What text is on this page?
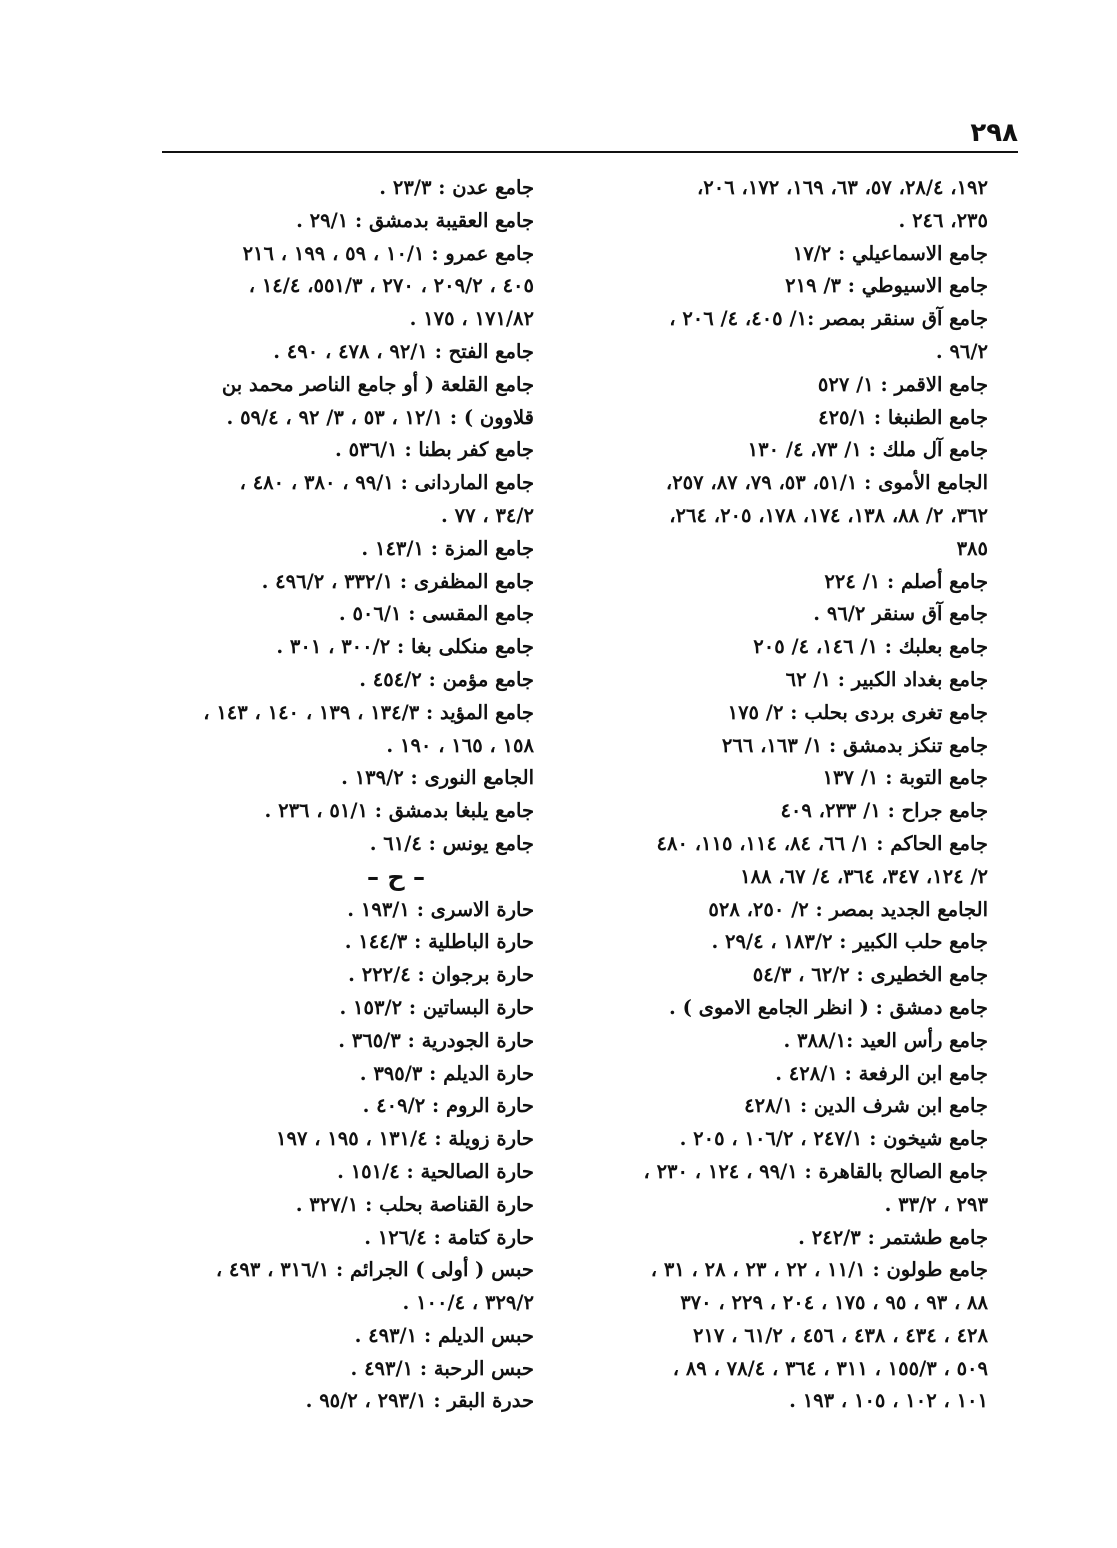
٢٩٨
١٩٢، ٢٨/٤، ٥٧، ٦٣، ١٦٩، ١٧٢، ٢٠٦،
٢٣٥، ٢٤٦ .
جامع الاسماعيلي : ١٧/٢
جامع الاسيوطي : ٣/ ٢١٩
جامع آق سنقر بمصر :١/ ٤٠٥، ٤/ ٢٠٦ ،
٩٦/٢ .
جامع الاقمر : ١/ ٥٢٧
جامع الطنبغا : ٤٢٥/١
جامع آل ملك : ١/ ٧٣، ٤/ ١٣٠
الجامع الأموى : ٥١/١، ٥٣، ٧٩، ٨٧، ٢٥٧،
٣٦٢، ٢/ ٨٨، ١٣٨، ١٧٤، ١٧٨، ٢٠٥، ٢٦٤،
٣٨٥
جامع أصلم : ١/ ٢٢٤
جامع آق سنقر ٩٦/٢ .
جامع بعلبك : ١/ ١٤٦، ٤/ ٢٠٥
جامع بغداد الكبير : ١/ ٦٢
جامع تغرى بردى بحلب : ٢/ ١٧٥
جامع تنكز بدمشق : ١/ ١٦٣، ٢٦٦
جامع التوبة : ١/ ١٣٧
جامع جراح : ١/ ٢٣٣، ٤٠٩
جامع الحاكم : ١/ ٦٦، ٨٤، ١١٤، ١١٥، ٤٨٠
٢/ ١٢٤، ٣٤٧، ٣٦٤، ٤/ ٦٧، ١٨٨
الجامع الجديد بمصر : ٢/ ٢٥٠، ٥٢٨
جامع حلب الكبير : ١٨٣/٢ ، ٢٩/٤ .
جامع الخطيرى : ٦٢/٢ ، ٥٤/٣
جامع دمشق : ( انظر الجامع الاموى ) .
جامع رأس العيد :٣٨٨/١ .
جامع ابن الرفعة : ٤٢٨/١ .
جامع ابن شرف الدين : ٤٢٨/١
جامع شيخون : ٢٤٧/١ ، ١٠٦/٢ ، ٢٠٥ .
جامع الصالح بالقاهرة : ٩٩/١ ، ١٢٤ ، ٢٣٠ ،
٢٩٣ ، ٣٣/٢ .
جامع طشتمر : ٢٤٢/٣ .
جامع طولون : ١١/١ ، ٢٢ ، ٢٣ ، ٢٨ ، ٣١ ،
٨٨ ، ٩٣ ، ٩٥ ، ١٧٥ ، ٢٠٤ ، ٢٢٩ ، ٣٧٠
٤٢٨ ، ٤٣٤ ، ٤٣٨ ، ٤٥٦ ، ٦١/٢ ، ٢١٧
٥٠٩ ، ١٥٥/٣ ، ٣١١ ، ٣٦٤ ، ٧٨/٤ ، ٨٩ ،
١٠١ ، ١٠٢ ، ١٠٥ ، ١٩٣ .
جامع عدن : ٢٣/٣ .
جامع العقيبة بدمشق : ٢٩/١ .
جامع عمرو : ١٠/١ ، ٥٩ ، ١٩٩ ، ٢١٦
٤٠٥ ، ٢٠٩/٢ ، ٢٧٠ ، ٥٥١/٣، ١٤/٤ ،
١٧١/٨٢ ، ١٧٥ .
جامع الفتح : ٩٢/١ ، ٤٧٨ ، ٤٩٠ .
جامع القلعة ( أو جامع الناصر محمد بن
قلاوون ) : ١٢/١ ، ٥٣ ، ٣/ ٩٢ ، ٥٩/٤ .
جامع كفر بطنا : ٥٣٦/١ .
جامع الماردانى : ٩٩/١ ، ٣٨٠ ، ٤٨٠ ،
٣٤/٢ ، ٧٧ .
جامع المزة : ١٤٣/١ .
جامع المظفرى : ٣٣٢/١ ، ٤٩٦/٢ .
جامع المقسى : ٥٠٦/١ .
جامع منكلى بغا : ٣٠٠/٢ ، ٣٠١ .
جامع مؤمن : ٤٥٤/٢ .
جامع المؤيد : ١٣٤/٣ ، ١٣٩ ، ١٤٠ ، ١٤٣ ،
١٥٨ ، ١٦٥ ، ١٩٠ .
الجامع النورى : ١٣٩/٢ .
جامع يلبغا بدمشق : ٥١/١ ، ٢٣٦ .
جامع يونس : ٦١/٤ .
– ح –
حارة الاسرى : ١٩٣/١ .
حارة الباطلية : ١٤٤/٣ .
حارة برجوان : ٢٢٢/٤ .
حارة البساتين : ١٥٣/٢ .
حارة الجودرية : ٣٦٥/٣ .
حارة الديلم : ٣٩٥/٣ .
حارة الروم : ٤٠٩/٢ .
حارة زويلة : ١٣١/٤ ، ١٩٥ ، ١٩٧
حارة الصالحية : ١٥١/٤ .
حارة القناصة بحلب : ٣٢٧/١ .
حارة كتامة : ١٢٦/٤ .
حبس ( أولى ) الجرائم : ٣١٦/١ ، ٤٩٣ ،
٣٢٩/٢ ، ١٠٠/٤ .
حبس الديلم : ٤٩٣/١ .
حبس الرحبة : ٤٩٣/١ .
حدرة البقر : ٢٩٣/١ ، ٩٥/٢ .
